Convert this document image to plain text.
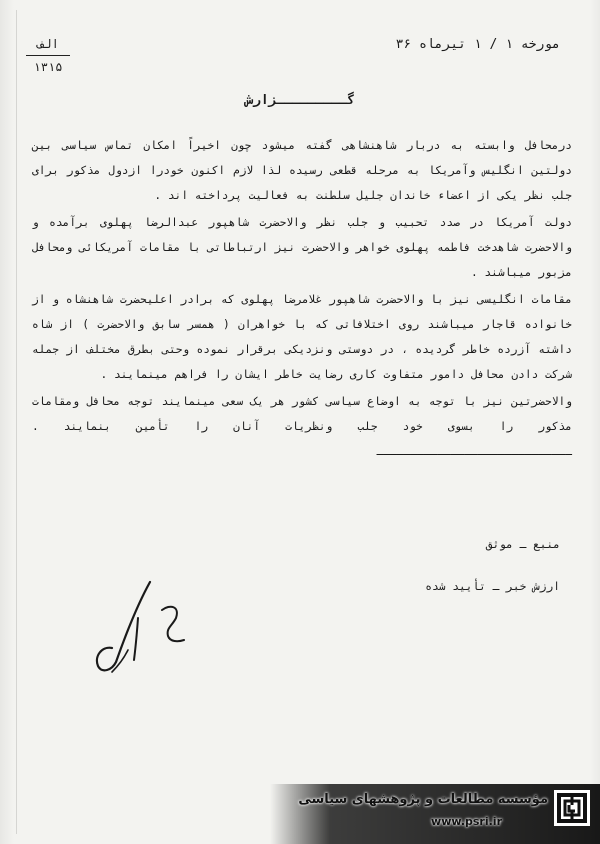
الف
۱۳۱۵
مورخه ۱ / ۱ تیرماه ۳۶
گـــــــــزارش

درمحافل وابسته به دربار شاهنشاهی گفته میشود چون اخیراً امکان تماس سیاسی بین دولتین انگلیس وآمریکا به مرحله قطعی رسیده لذا لازم اکنون خودرا ازدول مذکور برای جلب نظر یکی از اعضاء خاندان جلیل سلطنت به فعالیت پرداخته اند .

دولت آمریکا در صدد تحبیب و جلب نظر والاحضرت شاهپور عبدالرضا پهلوی برآمده و والاحضرت شاهدخت فاطمه پهلوی خواهر والاحضرت نیز ارتباطاتی با مقامات آمریکائی ومحافل مزبور میباشند .

مقامات انگلیسی نیز با والاحضرت شاهپور غلامرضا پهلوی که برادر اعلیحضرت شاهنشاه و از خانواده قاجار میباشند روی اختلافاتی که با خواهران ( همسر سابق والاحضرت ) از شاه داشته آزرده خاطر گردیده ، در دوستی ونزدیکی برقرار نموده وحتی بطرق مختلف از جمله شرکت دادن محافل دامور متفاوت کاری رضایت خاطر ایشان را فراهم مینمایند .

والاحضرتین نیز با توجه به اوضاع سیاسی کشور هر یک سعی مینمایند توجه محافل ومقامات مذکور را بسوی خود جلب ونظریات آنان را تأمین بنمایند . ـــــــــــــــــــــــــــــ

منبع ـ موثق
ارزش خبر ـ تأیید شده
مؤسسه مطالعات و پژوهشهای سیاسی
www.psri.ir
